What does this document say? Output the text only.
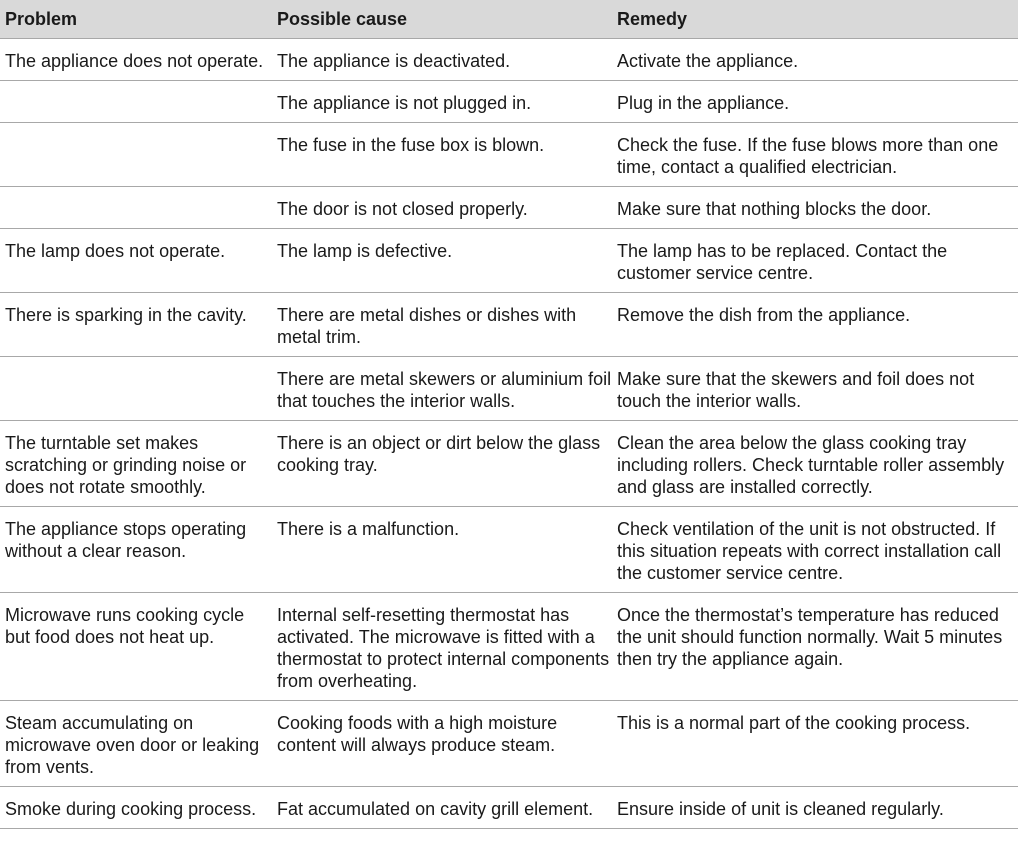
Problem	Possible cause	Remedy
The appliance does not operate.	The appliance is deactivated.	Activate the appliance.
	The appliance is not plugged in.	Plug in the appliance.
	The fuse in the fuse box is blown.	Check the fuse. If the fuse blows more than one time, contact a qualified electrician.
	The door is not closed properly.	Make sure that nothing blocks the door.
The lamp does not operate.	The lamp is defective.	The lamp has to be replaced. Contact the customer service centre.
There is sparking in the cavity.	There are metal dishes or dishes with metal trim.	Remove the dish from the appliance.
	There are metal skewers or aluminium foil that touches the interior walls.	Make sure that the skewers and foil does not touch the interior walls.
The turntable set makes scratching or grinding noise or does not rotate smoothly.	There is an object or dirt below the glass cooking tray.	Clean the area below the glass cooking tray including rollers. Check turntable roller assembly and glass are installed correctly.
The appliance stops operating without a clear reason.	There is a malfunction.	Check ventilation of the unit is not obstructed. If this situation repeats with correct installation call the customer service centre.
Microwave runs cooking cycle but food does not heat up.	Internal self-resetting thermostat has activated. The microwave is fitted with a thermostat to protect internal components from overheating.	Once the thermostat’s temperature has reduced the unit should function normally. Wait 5 minutes then try the appliance again.
Steam accumulating on microwave oven door or leaking from vents.	Cooking foods with a high moisture content will always produce steam.	This is a normal part of the cooking process.
Smoke during cooking process.	Fat accumulated on cavity grill element.	Ensure inside of unit is cleaned regularly.
